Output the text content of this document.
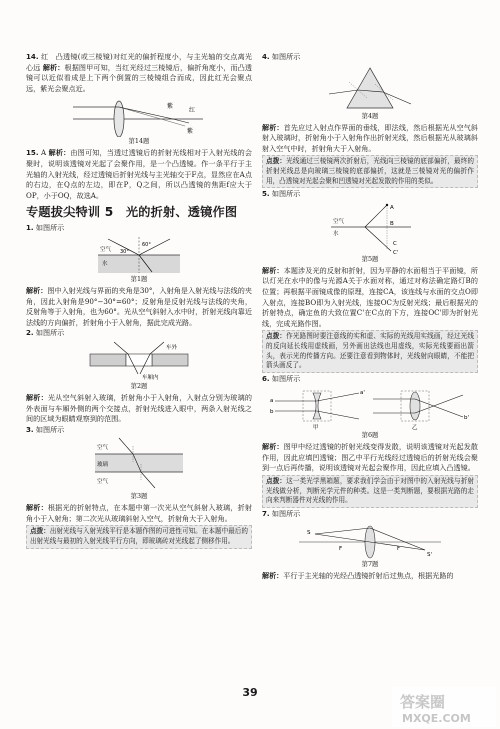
14. 红　凸透镜(或三棱镜)对红光的偏折程度小，与主光轴的交点离光心远 解析：根据图甲可知，当红光经过三棱镜后，偏折角度小，而凸透镜可以近似看成是上下两个倒置的三棱镜组合而成，因此红光会聚点远，紫光会聚点近。

紫
红
紫

第14题

15. A 解析：由图可知，当透过透镜后的折射光线相对于入射光线的会聚时，说明该透镜对光起了会聚作用，是一个凸透镜。作一条平行于主光轴的入射光线，经过透镜后折射光线与主光轴交于F点，显然应在A点的右边，在Q点的左边，即在P，Q之间，所以凸透镜的焦距f应大于OP，小于OQ，故选A。

专题拔尖特训 5　光的折射、透镜作图

1. 如图所示

空气
水
30°
60°

第1题

解析：图中入射光线与界面的夹角是30°，入射角是入射光线与法线的夹角，因此入射角是90°−30°=60°；反射角是反射光线与法线的夹角，反射角等于入射角，也为60°。光从空气斜射入水中时，折射光线向靠近法线的方向偏折，折射角小于入射角，据此完成光路。

2. 如图所示

车外
车厢内

第2题

解析：光从空气斜射入玻璃，折射角小于入射角，入射点分别为玻璃的外表面与车厢外侧的两个交接点，折射光线进入眼中，两条入射光线之间的区域为眼睛观察到的范围。

3. 如图所示

空气
玻璃
空气

第3题

解析：根据光的折射特点，在本题中第一次光从空气斜射入玻璃，折射角小于入射角；第二次光从玻璃斜射入空气，折射角大于入射角。

点拨：出射光线与入射光线平行是本题作图的可进性可知。在本题中最后的出射光线与最初的入射光线平行方向，即玻璃砖对光线起了侧移作用。

4. 如图所示

第4题

解析：首先应过入射点作界面的垂线，即法线，然后根据光从空气斜射入玻璃时，折射角小于入射角作出折射光线，然后根据光从玻璃斜射入空气中时，折射角大于入射角。

点拨：光线通过三棱镜两次折射后，光线向三棱镜的底部偏折，最终的折射光线总是向玻璃三棱镜的底部偏折，这就是三棱镜对光的偏折作用，凸透镜对光起会聚和凹透镜对光起发散的作用的类似。

5. 如图所示

A
空气
水
B
C
C'

第5题

解析：本题涉及光的反射和折射，因为平静的水面相当于平面镜，所以灯光在水中的像与光源A关于水面对称，通过对称法确定路灯B的位置；再根据平面镜成像的原理，连接CA，该连线与水面的交点O即入射点，连接BO即为入射光线，连接OC为反射光线；最后根据光的折射特点，确定鱼的大致位置C'在C点的下方，连接OC'即为折射光线，完成光路作图。

点拨：作光路图时要注意线的实和虚、实际的光线用实线画，经过光线的反向延长线用虚线画，另外画出法线也用虚线，实际光线要画出箭头，表示光的传播方向。还要注意看到物体时，光线射向眼睛，不能把箭头画反了。

6. 如图所示

a
b
a'
b'
甲	乙

第6题

解析：图甲中经过透镜的折射光线变得发散，说明该透镜对光起发散作用，因此应填凹透镜；图乙中平行光线经过透镜后的折射光线会聚到一点后再传播，说明该透镜对光起会聚作用，因此应填入凸透镜。

点拨：这一类光学黑箱题，要求我们学会由于对图中的入射光线与折射光线做分析，判断光学元件的种类。这是一类判断题，要根据光路的走向来判断器件对光线的作用。

7. 如图所示

S
F	F
S'

第7题

解析：平行于主光轴的光经凸透镜折射后过焦点，根据光路的

39
答案圈
MXQE.COM
